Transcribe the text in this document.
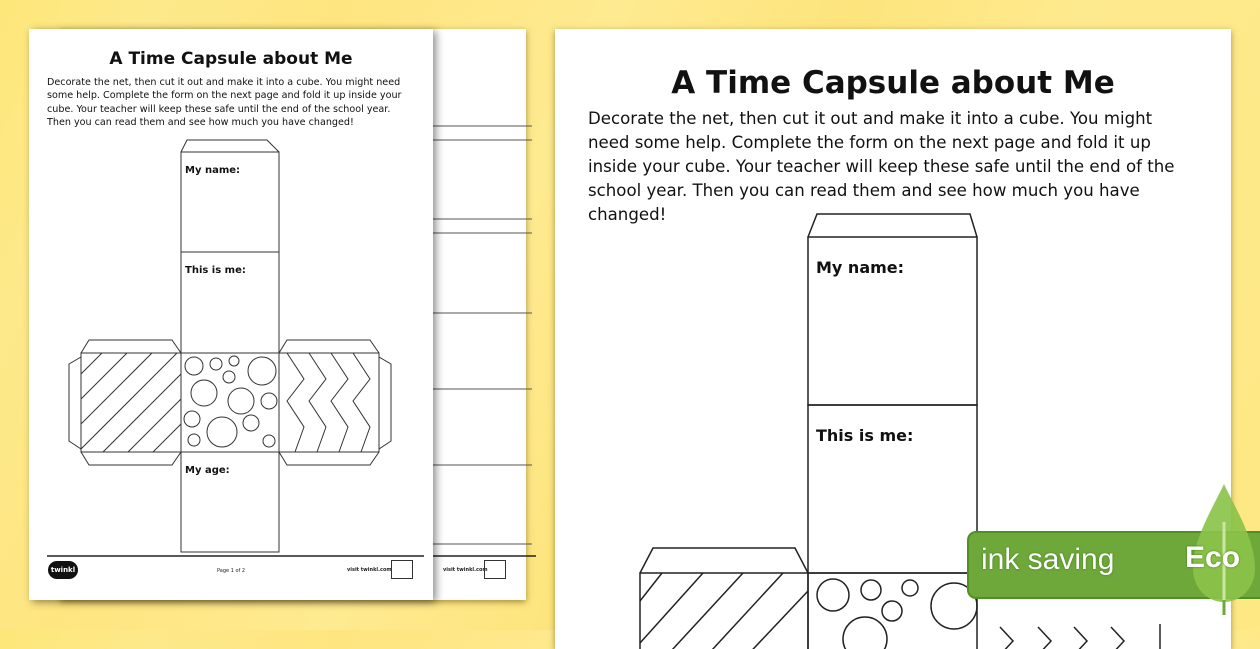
visit twinkl.com
A Time Capsule about Me
Decorate the net, then cut it out and make it into a cube. You might need some help. Complete the form on the next page and fold it up inside your cube. Your teacher will keep these safe until the end of the school year. Then you can read them and see how much you have changed!
My name:
This is me:
My age:
twinkl	Page 1 of 2	visit twinkl.com
A Time Capsule about Me
Decorate the net, then cut it out and make it into a cube. You might need some help. Complete the form on the next page and fold it up inside your cube. Your teacher will keep these safe until the end of the school year. Then you can read them and see how much you have changed!
My name:
This is me:
ink saving Eco
